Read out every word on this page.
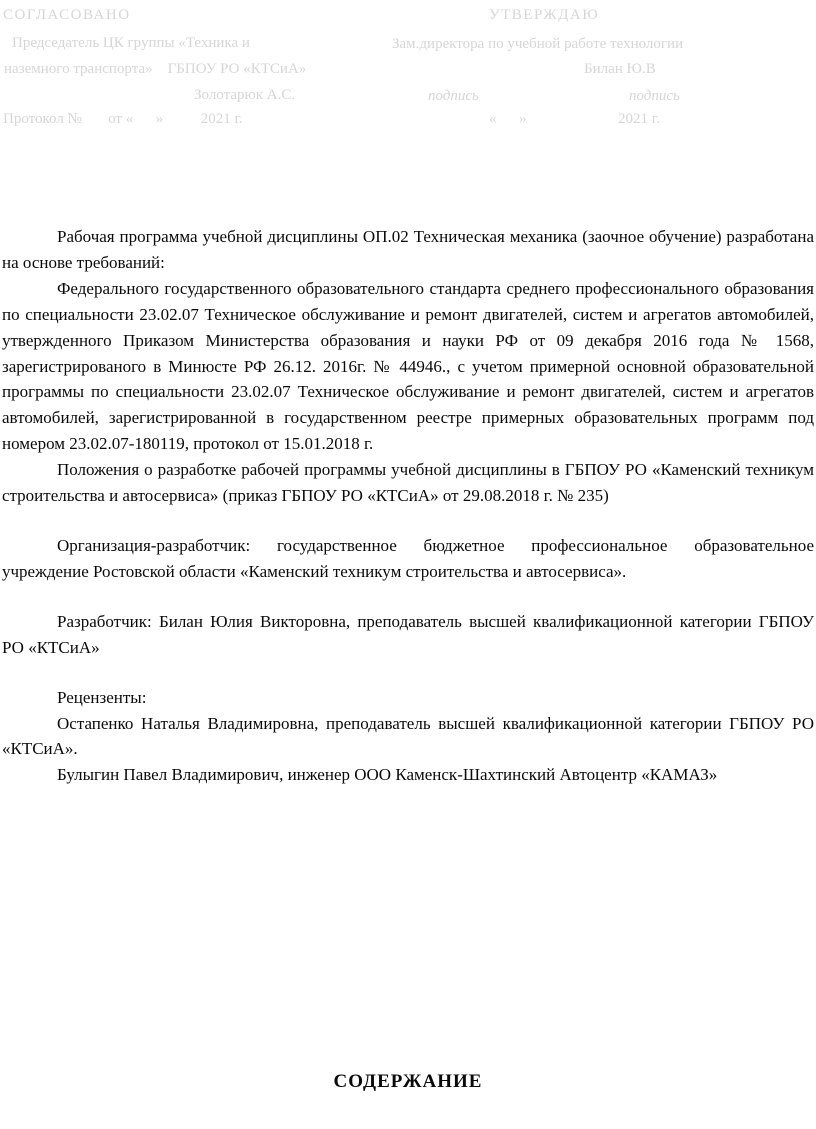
СОГЛАСОВАНО	УТВЕРЖДАЮ
Председатель ЦК группы «Техника и	Зам.директора по учебной работе технологии
наземного транспорта»    ГБПОУ РО «КТСиА»	Билан Ю.В
Золотарюк А.С.	подпись	подпись
Протокол №       от «      »          2021 г.	«      »	2021 г.

Рабочая программа учебной дисциплины ОП.02 Техническая механика (заочное обучение) разработана на основе требований:

Федерального государственного образовательного стандарта среднего профессионального образования по специальности 23.02.07 Техническое обслуживание и ремонт двигателей, систем и агрегатов автомобилей, утвержденного Приказом Министерства образования и науки РФ от 09 декабря 2016 года № 1568, зарегистрированого в Минюсте РФ 26.12. 2016г. № 44946., с учетом примерной основной образовательной программы по специальности 23.02.07 Техническое обслуживание и ремонт двигателей, систем и агрегатов автомобилей, зарегистрированной в государственном реестре примерных образовательных программ под номером 23.02.07-180119, протокол от 15.01.2018 г.

Положения о разработке рабочей программы учебной дисциплины в ГБПОУ РО «Каменский техникум строительства и автосервиса» (приказ ГБПОУ РО «КТСиА» от 29.08.2018 г. № 235)

Организация-разработчик: государственное бюджетное профессиональное образовательное учреждение Ростовской области «Каменский техникум строительства и автосервиса».

Разработчик: Билан Юлия Викторовна, преподаватель высшей квалификационной категории ГБПОУ РО «КТСиА»

Рецензенты:

Остапенко Наталья Владимировна, преподаватель высшей квалификационной категории ГБПОУ РО «КТСиА».

Булыгин Павел Владимирович, инженер ООО Каменск-Шахтинский Автоцентр «КАМАЗ»

СОДЕРЖАНИЕ
